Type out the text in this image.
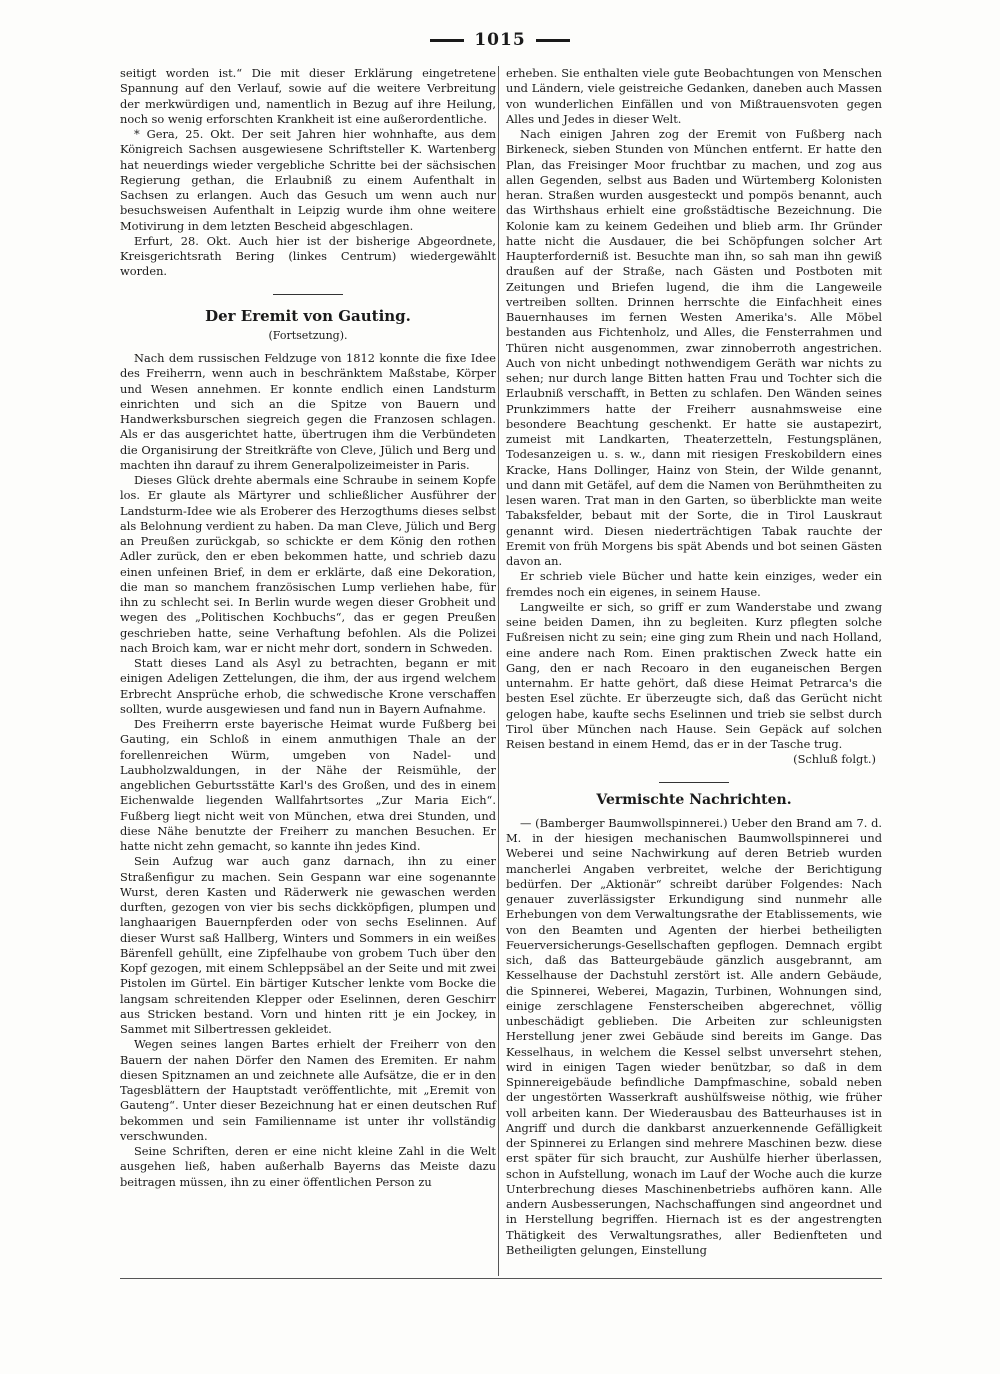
1015

seitigt worden ist.“ Die mit dieser Erklärung eingetretene Spannung auf den Verlauf, sowie auf die weitere Verbreitung der merkwürdigen und, namentlich in Bezug auf ihre Heilung, noch so wenig erforschten Krankheit ist eine außerordentliche.

* Gera, 25. Okt. Der seit Jahren hier wohnhafte, aus dem Königreich Sachsen ausgewiesene Schriftsteller K. Wartenberg hat neuerdings wieder vergebliche Schritte bei der sächsischen Regierung gethan, die Erlaubniß zu einem Aufenthalt in Sachsen zu erlangen. Auch das Gesuch um wenn auch nur besuchsweisen Aufenthalt in Leipzig wurde ihm ohne weitere Motivirung in dem letzten Bescheid abgeschlagen.

Erfurt, 28. Okt. Auch hier ist der bisherige Abgeordnete, Kreisgerichtsrath Bering (linkes Centrum) wiedergewählt worden.

Der Eremit von Gauting.

(Fortsetzung).

Nach dem russischen Feldzuge von 1812 konnte die fixe Idee des Freiherrn, wenn auch in beschränktem Maßstabe, Körper und Wesen annehmen. Er konnte endlich einen Landsturm einrichten und sich an die Spitze von Bauern und Handwerksburschen siegreich gegen die Franzosen schlagen. Als er das ausgerichtet hatte, übertrugen ihm die Verbündeten die Organisirung der Streitkräfte von Cleve, Jülich und Berg und machten ihn darauf zu ihrem Generalpolizeimeister in Paris.

Dieses Glück drehte abermals eine Schraube in seinem Kopfe los. Er glaute als Märtyrer und schließlicher Ausführer der Landsturm-Idee wie als Eroberer des Herzogthums dieses selbst als Belohnung verdient zu haben. Da man Cleve, Jülich und Berg an Preußen zurückgab, so schickte er dem König den rothen Adler zurück, den er eben bekommen hatte, und schrieb dazu einen unfeinen Brief, in dem er erklärte, daß eine Dekoration, die man so manchem französischen Lump verliehen habe, für ihn zu schlecht sei. In Berlin wurde wegen dieser Grobheit und wegen des „Politischen Kochbuchs“, das er gegen Preußen geschrieben hatte, seine Verhaftung befohlen. Als die Polizei nach Broich kam, war er nicht mehr dort, sondern in Schweden.

Statt dieses Land als Asyl zu betrachten, begann er mit einigen Adeligen Zettelungen, die ihm, der aus irgend welchem Erbrecht Ansprüche erhob, die schwedische Krone verschaffen sollten, wurde ausgewiesen und fand nun in Bayern Aufnahme.

Des Freiherrn erste bayerische Heimat wurde Fußberg bei Gauting, ein Schloß in einem anmuthigen Thale an der forellenreichen Würm, umgeben von Nadel- und Laubholzwaldungen, in der Nähe der Reismühle, der angeblichen Geburtsstätte Karl's des Großen, und des in einem Eichenwalde liegenden Wallfahrtsortes „Zur Maria Eich“. Fußberg liegt nicht weit von München, etwa drei Stunden, und diese Nähe benutzte der Freiherr zu manchen Besuchen. Er hatte nicht zehn gemacht, so kannte ihn jedes Kind.

Sein Aufzug war auch ganz darnach, ihn zu einer Straßenfigur zu machen. Sein Gespann war eine sogenannte Wurst, deren Kasten und Räderwerk nie gewaschen werden durften, gezogen von vier bis sechs dickköpfigen, plumpen und langhaarigen Bauernpferden oder von sechs Eselinnen. Auf dieser Wurst saß Hallberg, Winters und Sommers in ein weißes Bärenfell gehüllt, eine Zipfelhaube von grobem Tuch über den Kopf gezogen, mit einem Schleppsäbel an der Seite und mit zwei Pistolen im Gürtel. Ein bärtiger Kutscher lenkte vom Bocke die langsam schreitenden Klepper oder Eselinnen, deren Geschirr aus Stricken bestand. Vorn und hinten ritt je ein Jockey, in Sammet mit Silbertressen gekleidet.

Wegen seines langen Bartes erhielt der Freiherr von den Bauern der nahen Dörfer den Namen des Eremiten. Er nahm diesen Spitznamen an und zeichnete alle Aufsätze, die er in den Tagesblättern der Hauptstadt veröffentlichte, mit „Eremit von Gauteng“. Unter dieser Bezeichnung hat er einen deutschen Ruf bekommen und sein Familienname ist unter ihr vollständig verschwunden.

Seine Schriften, deren er eine nicht kleine Zahl in die Welt ausgehen ließ, haben außerhalb Bayerns das Meiste dazu beitragen müssen, ihn zu einer öffentlichen Person zu

erheben. Sie enthalten viele gute Beobachtungen von Menschen und Ländern, viele geistreiche Gedanken, daneben auch Massen von wunderlichen Einfällen und von Mißtrauensvoten gegen Alles und Jedes in dieser Welt.

Nach einigen Jahren zog der Eremit von Fußberg nach Birkeneck, sieben Stunden von München entfernt. Er hatte den Plan, das Freisinger Moor fruchtbar zu machen, und zog aus allen Gegenden, selbst aus Baden und Würtemberg Kolonisten heran. Straßen wurden ausgesteckt und pompös benannt, auch das Wirthshaus erhielt eine großstädtische Bezeichnung. Die Kolonie kam zu keinem Gedeihen und blieb arm. Ihr Gründer hatte nicht die Ausdauer, die bei Schöpfungen solcher Art Haupterforderniß ist. Besuchte man ihn, so sah man ihn gewiß draußen auf der Straße, nach Gästen und Postboten mit Zeitungen und Briefen lugend, die ihm die Langeweile vertreiben sollten. Drinnen herrschte die Einfachheit eines Bauernhauses im fernen Westen Amerika's. Alle Möbel bestanden aus Fichtenholz, und Alles, die Fensterrahmen und Thüren nicht ausgenommen, zwar zinnoberroth angestrichen. Auch von nicht unbedingt nothwendigem Geräth war nichts zu sehen; nur durch lange Bitten hatten Frau und Tochter sich die Erlaubniß verschafft, in Betten zu schlafen. Den Wänden seines Prunkzimmers hatte der Freiherr ausnahmsweise eine besondere Beachtung geschenkt. Er hatte sie austapezirt, zumeist mit Landkarten, Theaterzetteln, Festungsplänen, Todesanzeigen u. s. w., dann mit riesigen Freskobildern eines Kracke, Hans Dollinger, Hainz von Stein, der Wilde genannt, und dann mit Getäfel, auf dem die Namen von Berühmtheiten zu lesen waren. Trat man in den Garten, so überblickte man weite Tabaksfelder, bebaut mit der Sorte, die in Tirol Lauskraut genannt wird. Diesen niederträchtigen Tabak rauchte der Eremit von früh Morgens bis spät Abends und bot seinen Gästen davon an.

Er schrieb viele Bücher und hatte kein einziges, weder ein fremdes noch ein eigenes, in seinem Hause.

Langweilte er sich, so griff er zum Wanderstabe und zwang seine beiden Damen, ihn zu begleiten. Kurz pflegten solche Fußreisen nicht zu sein; eine ging zum Rhein und nach Holland, eine andere nach Rom. Einen praktischen Zweck hatte ein Gang, den er nach Recoaro in den euganeischen Bergen unternahm. Er hatte gehört, daß diese Heimat Petrarca's die besten Esel züchte. Er überzeugte sich, daß das Gerücht nicht gelogen habe, kaufte sechs Eselinnen und trieb sie selbst durch Tirol über München nach Hause. Sein Gepäck auf solchen Reisen bestand in einem Hemd, das er in der Tasche trug.

(Schluß folgt.)

Vermischte Nachrichten.

— (Bamberger Baumwollspinnerei.) Ueber den Brand am 7. d. M. in der hiesigen mechanischen Baumwollspinnerei und Weberei und seine Nachwirkung auf deren Betrieb wurden mancherlei Angaben verbreitet, welche der Berichtigung bedürfen. Der „Aktionär“ schreibt darüber Folgendes: Nach genauer zuverlässigster Erkundigung sind nunmehr alle Erhebungen von dem Verwaltungsrathe der Etablissements, wie von den Beamten und Agenten der hierbei betheiligten Feuerversicherungs-Gesellschaften gepflogen. Demnach ergibt sich, daß das Batteurgebäude gänzlich ausgebrannt, am Kesselhause der Dachstuhl zerstört ist. Alle andern Gebäude, die Spinnerei, Weberei, Magazin, Turbinen, Wohnungen sind, einige zerschlagene Fensterscheiben abgerechnet, völlig unbeschädigt geblieben. Die Arbeiten zur schleunigsten Herstellung jener zwei Gebäude sind bereits im Gange. Das Kesselhaus, in welchem die Kessel selbst unversehrt stehen, wird in einigen Tagen wieder benützbar, so daß in dem Spinnereigebäude befindliche Dampfmaschine, sobald neben der ungestörten Wasserkraft aushülfsweise nöthig, wie früher voll arbeiten kann. Der Wiederausbau des Batteurhauses ist in Angriff und durch die dankbarst anzuerkennende Gefälligkeit der Spinnerei zu Erlangen sind mehrere Maschinen bezw. diese erst später für sich braucht, zur Aushülfe hierher überlassen, schon in Aufstellung, wonach im Lauf der Woche auch die kurze Unterbrechung dieses Maschinenbetriebs aufhören kann. Alle andern Ausbesserungen, Nachschaffungen sind angeordnet und in Herstellung begriffen. Hiernach ist es der angestrengten Thätigkeit des Verwaltungsrathes, aller Bedienfteten und Betheiligten gelungen, Einstellung
